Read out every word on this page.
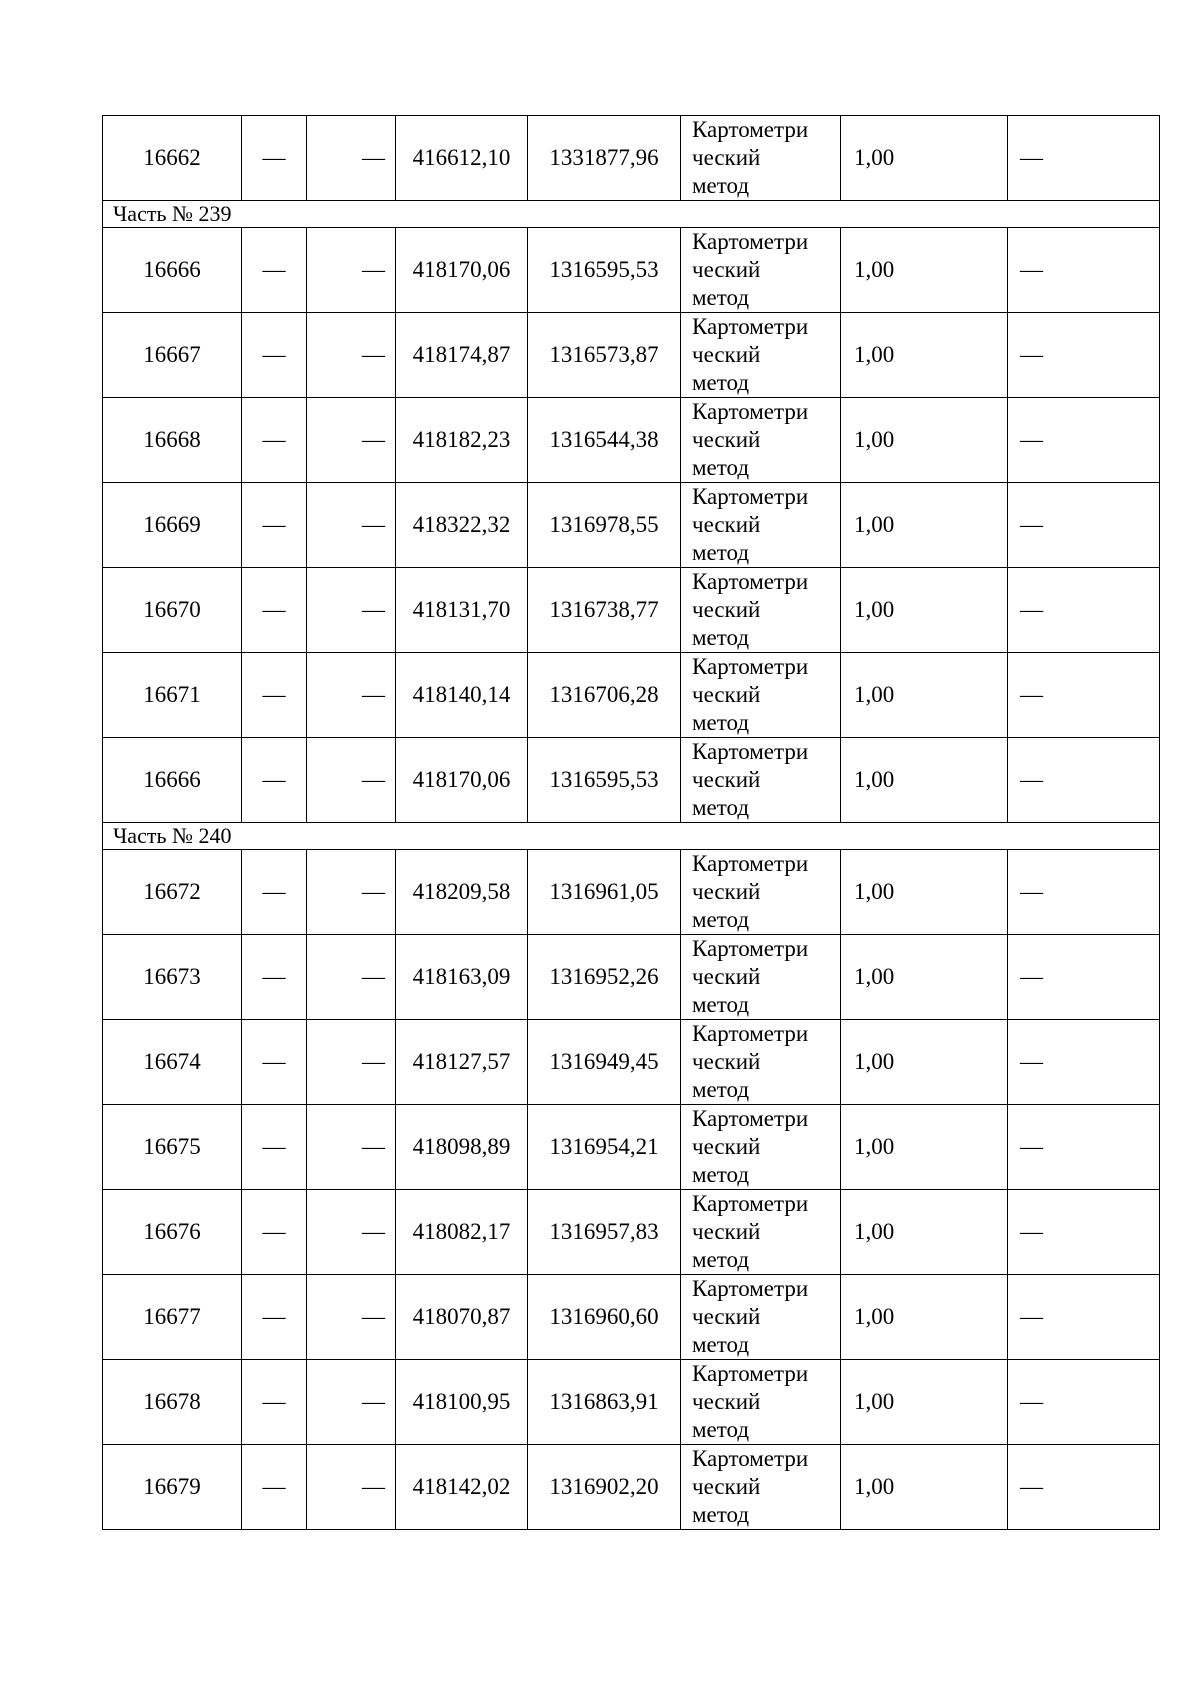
16662	—	—	416612,10	1331877,96	Картометри
ческий
метод	1,00	—
Часть № 239							
16666	—	—	418170,06	1316595,53	Картометри
ческий
метод	1,00	—
16667	—	—	418174,87	1316573,87	Картометри
ческий
метод	1,00	—
16668	—	—	418182,23	1316544,38	Картометри
ческий
метод	1,00	—
16669	—	—	418322,32	1316978,55	Картометри
ческий
метод	1,00	—
16670	—	—	418131,70	1316738,77	Картометри
ческий
метод	1,00	—
16671	—	—	418140,14	1316706,28	Картометри
ческий
метод	1,00	—
16666	—	—	418170,06	1316595,53	Картометри
ческий
метод	1,00	—
Часть № 240							
16672	—	—	418209,58	1316961,05	Картометри
ческий
метод	1,00	—
16673	—	—	418163,09	1316952,26	Картометри
ческий
метод	1,00	—
16674	—	—	418127,57	1316949,45	Картометри
ческий
метод	1,00	—
16675	—	—	418098,89	1316954,21	Картометри
ческий
метод	1,00	—
16676	—	—	418082,17	1316957,83	Картометри
ческий
метод	1,00	—
16677	—	—	418070,87	1316960,60	Картометри
ческий
метод	1,00	—
16678	—	—	418100,95	1316863,91	Картометри
ческий
метод	1,00	—
16679	—	—	418142,02	1316902,20	Картометри
ческий
метод	1,00	—
